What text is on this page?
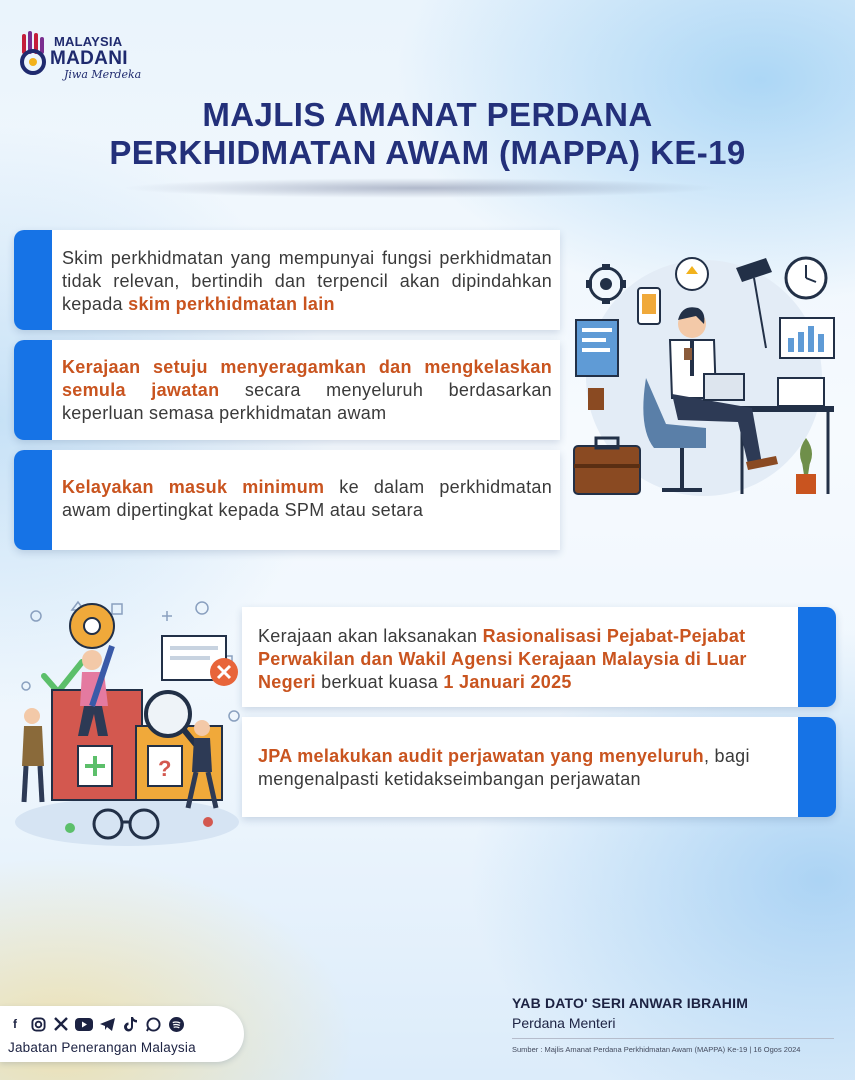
MALAYSIA
MADANI
Jiwa Merdeka
MAJLIS AMANAT PERDANA
PERKHIDMATAN AWAM (MAPPA) KE-19

Skim perkhidmatan yang mempunyai fungsi perkhidmatan tidak relevan, bertindih dan terpencil akan dipindahkan kepada skim perkhidmatan lain

Kerajaan setuju menyeragamkan dan mengkelaskan semula jawatan secara menyeluruh berdasarkan keperluan semasa perkhidmatan awam

Kelayakan masuk minimum ke dalam perkhidmatan awam dipertingkat kepada SPM atau setara

Kerajaan akan laksanakan Rasionalisasi Pejabat-Pejabat Perwakilan dan Wakil Agensi Kerajaan Malaysia di Luar Negeri berkuat kuasa 1 Januari 2025

JPA melakukan audit perjawatan yang menyeluruh, bagi mengenalpasti ketidakseimbangan perjawatan

?
YAB DATO' SERI ANWAR IBRAHIM
Perdana Menteri
Sumber : Majlis Amanat Perdana Perkhidmatan Awam (MAPPA) Ke-19 | 16 Ogos 2024
f
Jabatan Penerangan Malaysia
